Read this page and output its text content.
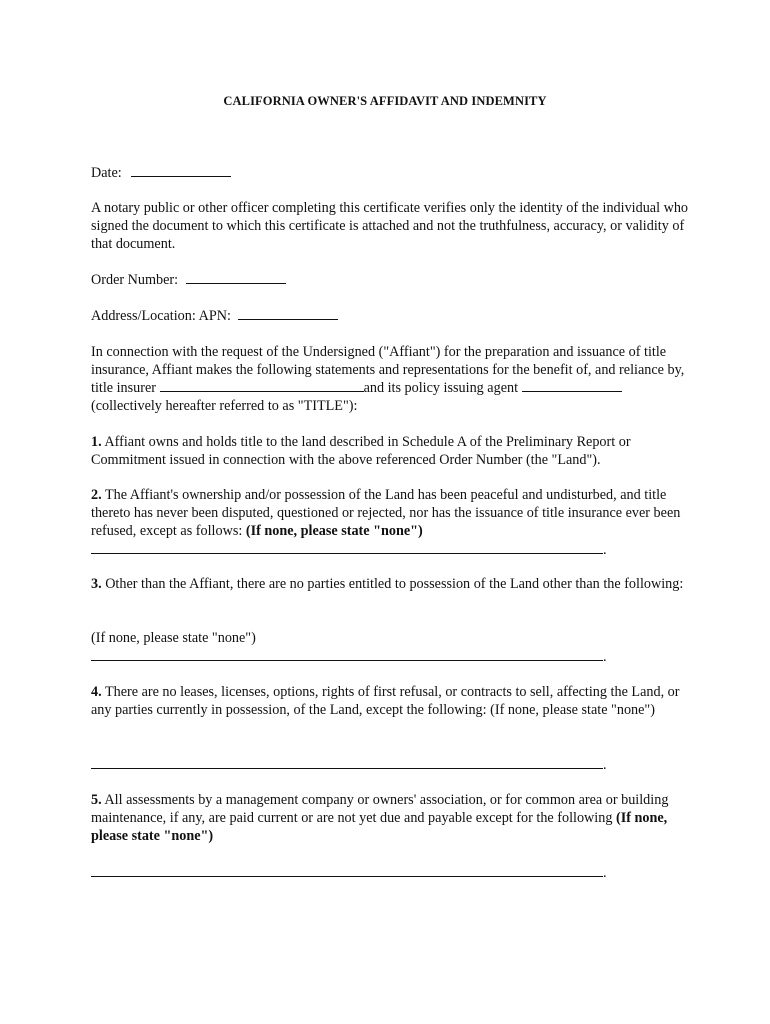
CALIFORNIA OWNER'S AFFIDAVIT AND INDEMNITY
Date:
A notary public or other officer completing this certificate verifies only the identity of the individual who signed the document to which this certificate is attached and not the truthfulness, accuracy, or validity of that document.
Order Number:
Address/Location: APN:
In connection with the request of the Undersigned ("Affiant") for the preparation and issuance of title insurance, Affiant makes the following statements and representations for the benefit of, and reliance by, title insurer	and its policy issuing agent  (collectively hereafter referred to as "TITLE"):
1. Affiant owns and holds title to the land described in Schedule A of the Preliminary Report or Commitment issued in connection with the above referenced Order Number (the "Land").
2. The Affiant's ownership and/or possession of the Land has been peaceful and undisturbed, and title thereto has never been disputed, questioned or rejected, nor has the issuance of title insurance ever been refused, except as follows: (If none, please state "none")
.
3. Other than the Affiant, there are no parties entitled to possession of the Land other than the following:
(If none, please state "none")
.
4. There are no leases, licenses, options, rights of first refusal, or contracts to sell, affecting the Land, or any parties currently in possession, of the Land, except the following: (If none, please state "none")
.
5. All assessments by a management company or owners' association, or for common area or building maintenance, if any, are paid current or are not yet due and payable except for the following (If none, please state "none")
.
